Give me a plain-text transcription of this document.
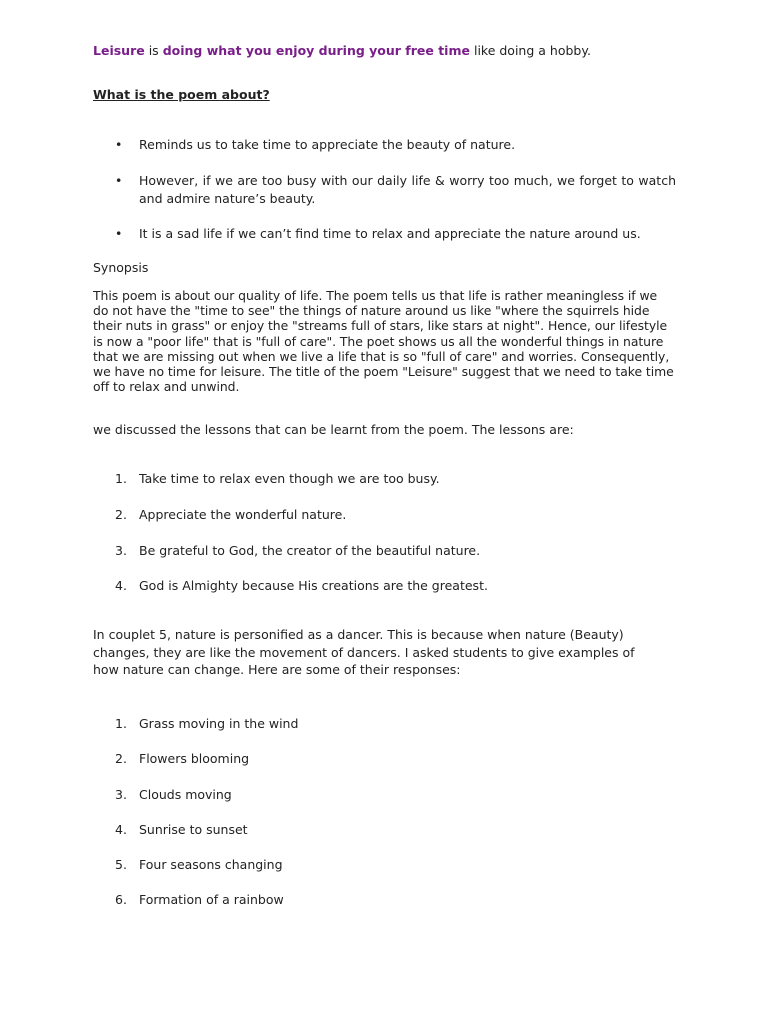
Leisure is doing what you enjoy during your free time like doing a hobby.
What is the poem about?
• Reminds us to take time to appreciate the beauty of nature.
• However, if we are too busy with our daily life & worry too much, we forget to watch and admire nature’s beauty.
• It is a sad life if we can’t find time to relax and appreciate the nature around us.
Synopsis
This poem is about our quality of life. The poem tells us that life is rather meaningless if we do not have the "time to see" the things of nature around us like "where the squirrels hide their nuts in grass" or enjoy the "streams full of stars, like stars at night". Hence, our lifestyle is now a "poor life" that is "full of care". The poet shows us all the wonderful things in nature that we are missing out when we live a life that is so "full of care" and worries. Consequently, we have no time for leisure. The title of the poem "Leisure" suggest that we need to take time off to relax and unwind.
we discussed the lessons that can be learnt from the poem. The lessons are:
1. Take time to relax even though we are too busy.
2. Appreciate the wonderful nature.
3. Be grateful to God, the creator of the beautiful nature.
4. God is Almighty because His creations are the greatest.
In couplet 5, nature is personified as a dancer. This is because when nature (Beauty) changes, they are like the movement of dancers. I asked students to give examples of how nature can change. Here are some of their responses:
1. Grass moving in the wind
2. Flowers blooming
3. Clouds moving
4. Sunrise to sunset
5. Four seasons changing
6. Formation of a rainbow
